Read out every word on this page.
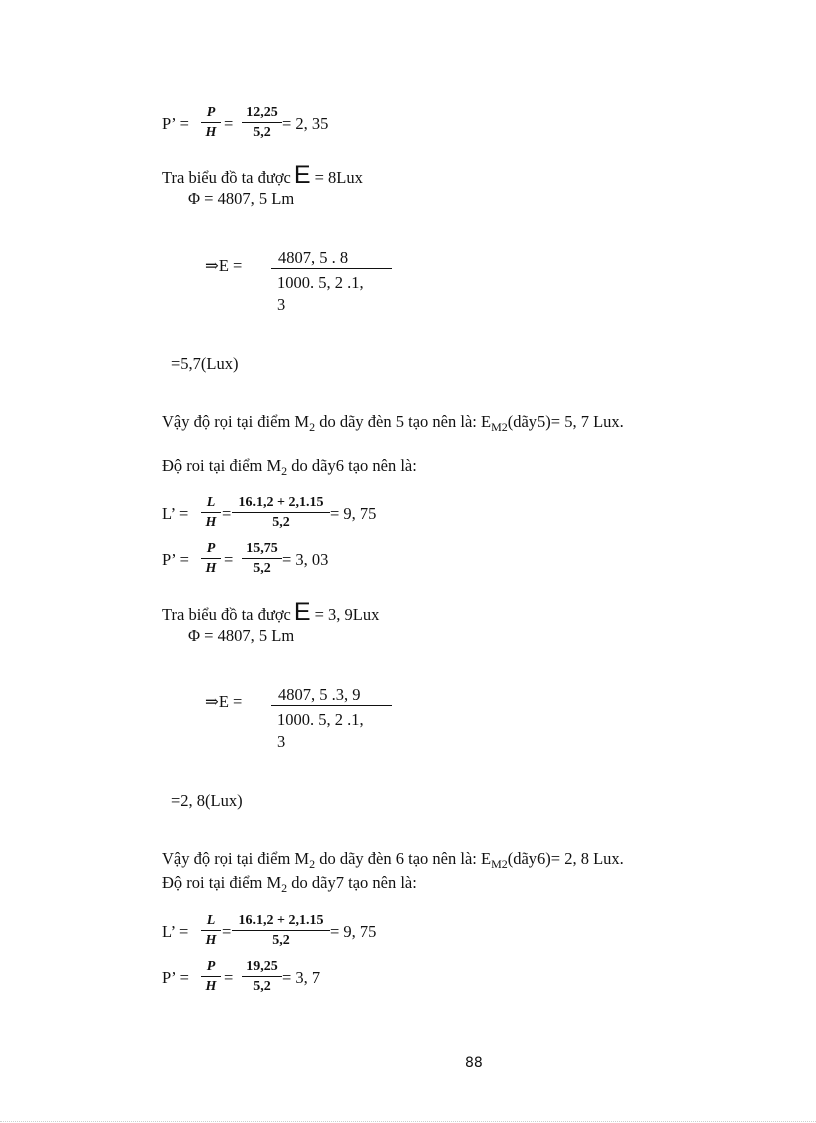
P’ = $\frac{P}{H} = \frac{12,25}{5,2} = 2$, 35
Tra biểu đồ ta được E = 8Lux
Φ = 4807, 5 Lm
⇒E = 4807, 5 . 8
1000. 5, 2 .1,
3
=5,7(Lux)
Vậy độ rọi tại điểm $M_2$ do dãy đèn 5 tạo nên là: $E_{M2}(dãy5)= 5$, 7 Lux.
Độ roi tại điểm $M_2$ do dãy6 tạo nên là:
L’ = $\frac{L}{H} = \frac{16.1,2 + 2,1.15}{5,2} = 9$, 75
P’ = $\frac{P}{H} = \frac{15,75}{5,2} = 3$, 03
Tra biểu đồ ta được E = 3, 9Lux
Φ = 4807, 5 Lm
⇒E = 4807, 5 .3, 9
1000. 5, 2 .1,
3
=2, 8(Lux)
Vậy độ rọi tại điểm $M_2$ do dãy đèn 6 tạo nên là: $E_{M2}(dãy6)= 2$, 8 Lux.
Độ roi tại điểm $M_2$ do dãy7 tạo nên là:
L’ = $\frac{L}{H} = \frac{16.1,2 + 2,1.15}{5,2} = 9$, 75
P’ = $\frac{P}{H} = \frac{19,25}{5,2} = 3$, 7
88
